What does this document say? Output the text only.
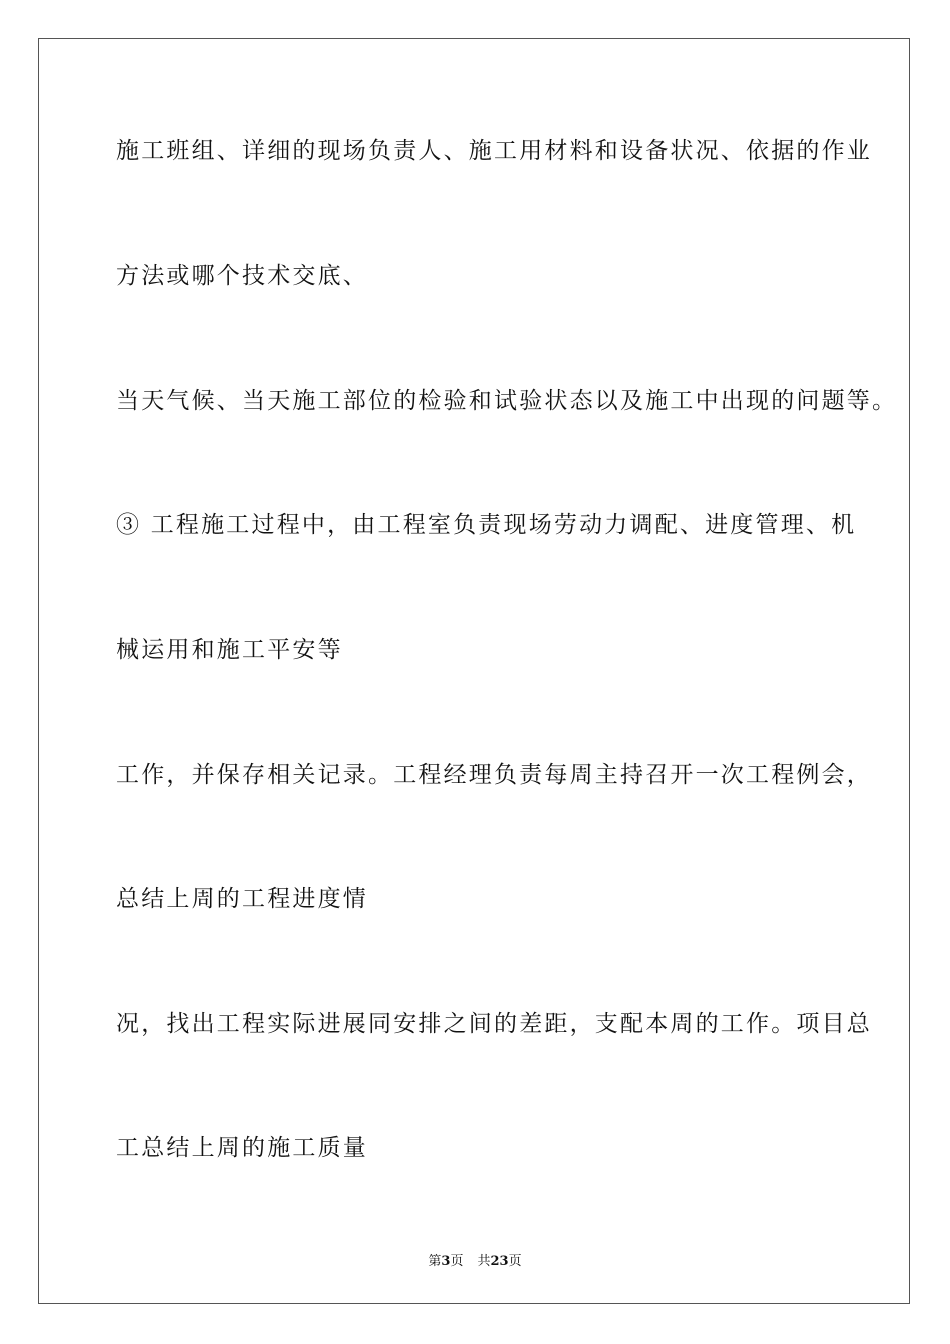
施工班组、详细的现场负责人、施工用材料和设备状况、依据的作业
方法或哪个技术交底、
当天气候、当天施工部位的检验和试验状态以及施工中出现的问题等。
③ 工程施工过程中，由工程室负责现场劳动力调配、进度管理、机
械运用和施工平安等
工作，并保存相关记录。工程经理负责每周主持召开一次工程例会，
总结上周的工程进度情
况，找出工程实际进展同安排之间的差距，支配本周的工作。项目总
工总结上周的施工质量
第3页 共23页
